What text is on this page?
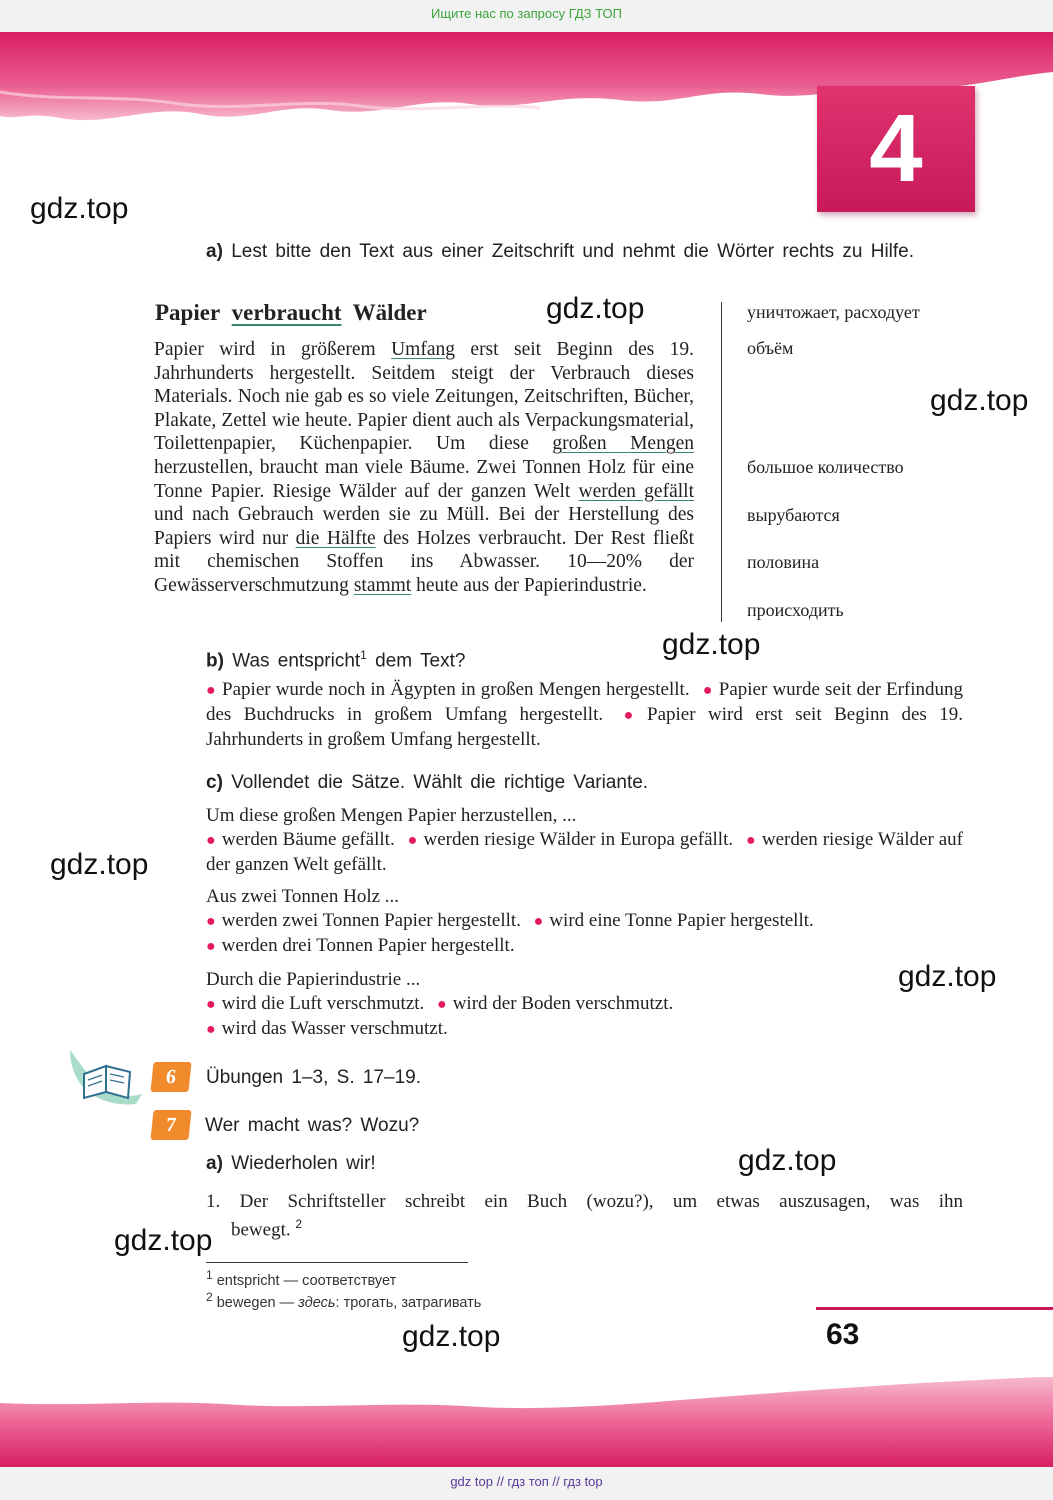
Ищите нас по запросу ГДЗ ТОП
4
gdz.top
gdz.top
gdz.top
gdz.top
gdz.top
gdz.top
gdz.top
gdz.top
gdz.top
a) Lest bitte den Text aus einer Zeitschrift und nehmt die Wörter rechts zu Hilfe.
Papier verbraucht Wälder
Papier wird in größerem Umfang erst seit Beginn des 19. Jahrhunderts hergestellt. Seitdem steigt der Verbrauch dieses Materials. Noch nie gab es so viele Zeitungen, Zeitschriften, Bücher, Plakate, Zettel wie heute. Papier dient auch als Verpackungsmaterial, Toilettenpapier, Küchenpapier. Um diese großen Mengen herzustellen, braucht man viele Bäume. Zwei Tonnen Holz für eine Tonne Papier. Riesige Wälder auf der ganzen Welt werden gefällt und nach Gebrauch werden sie zu Müll. Bei der Herstellung des Papiers wird nur die Hälfte des Holzes verbraucht. Der Rest fließt mit chemischen Stoffen ins Abwasser. 10—20% der Gewässerverschmutzung stammt heute aus der Papierindustrie.
уничтожает, расходует
объём
большое количество
вырубаются
половина
происходить
b) Was entspricht$^1$ dem Text?
● Papier wurde noch in Ägypten in großen Mengen hergestellt. ● Papier wurde seit der Erfindung des Buchdrucks in großem Umfang hergestellt. ● Papier wird erst seit Beginn des 19. Jahrhunderts in großem Umfang hergestellt.
c) Vollendet die Sätze. Wählt die richtige Variante.
Um diese großen Mengen Papier herzustellen, ...
● werden Bäume gefällt. ● werden riesige Wälder in Europa gefällt. ● werden riesige Wälder auf der ganzen Welt gefällt.
Aus zwei Tonnen Holz ...
● werden zwei Tonnen Papier hergestellt. ● wird eine Tonne Papier hergestellt.
● werden drei Tonnen Papier hergestellt.
Durch die Papierindustrie ...
● wird die Luft verschmutzt. ● wird der Boden verschmutzt.
● wird das Wasser verschmutzt.
6	Übungen 1–3, S. 17–19.
7	Wer macht was? Wozu?
a) Wiederholen wir!
1. Der Schriftsteller schreibt ein Buch (wozu?), um etwas auszusagen, was ihn
bewegt. $^2$
$^1$ entspricht — соответствует
$^2$ bewegen — здесь: трогать, затрагивать
63
gdz top // гдз топ // гдз top
